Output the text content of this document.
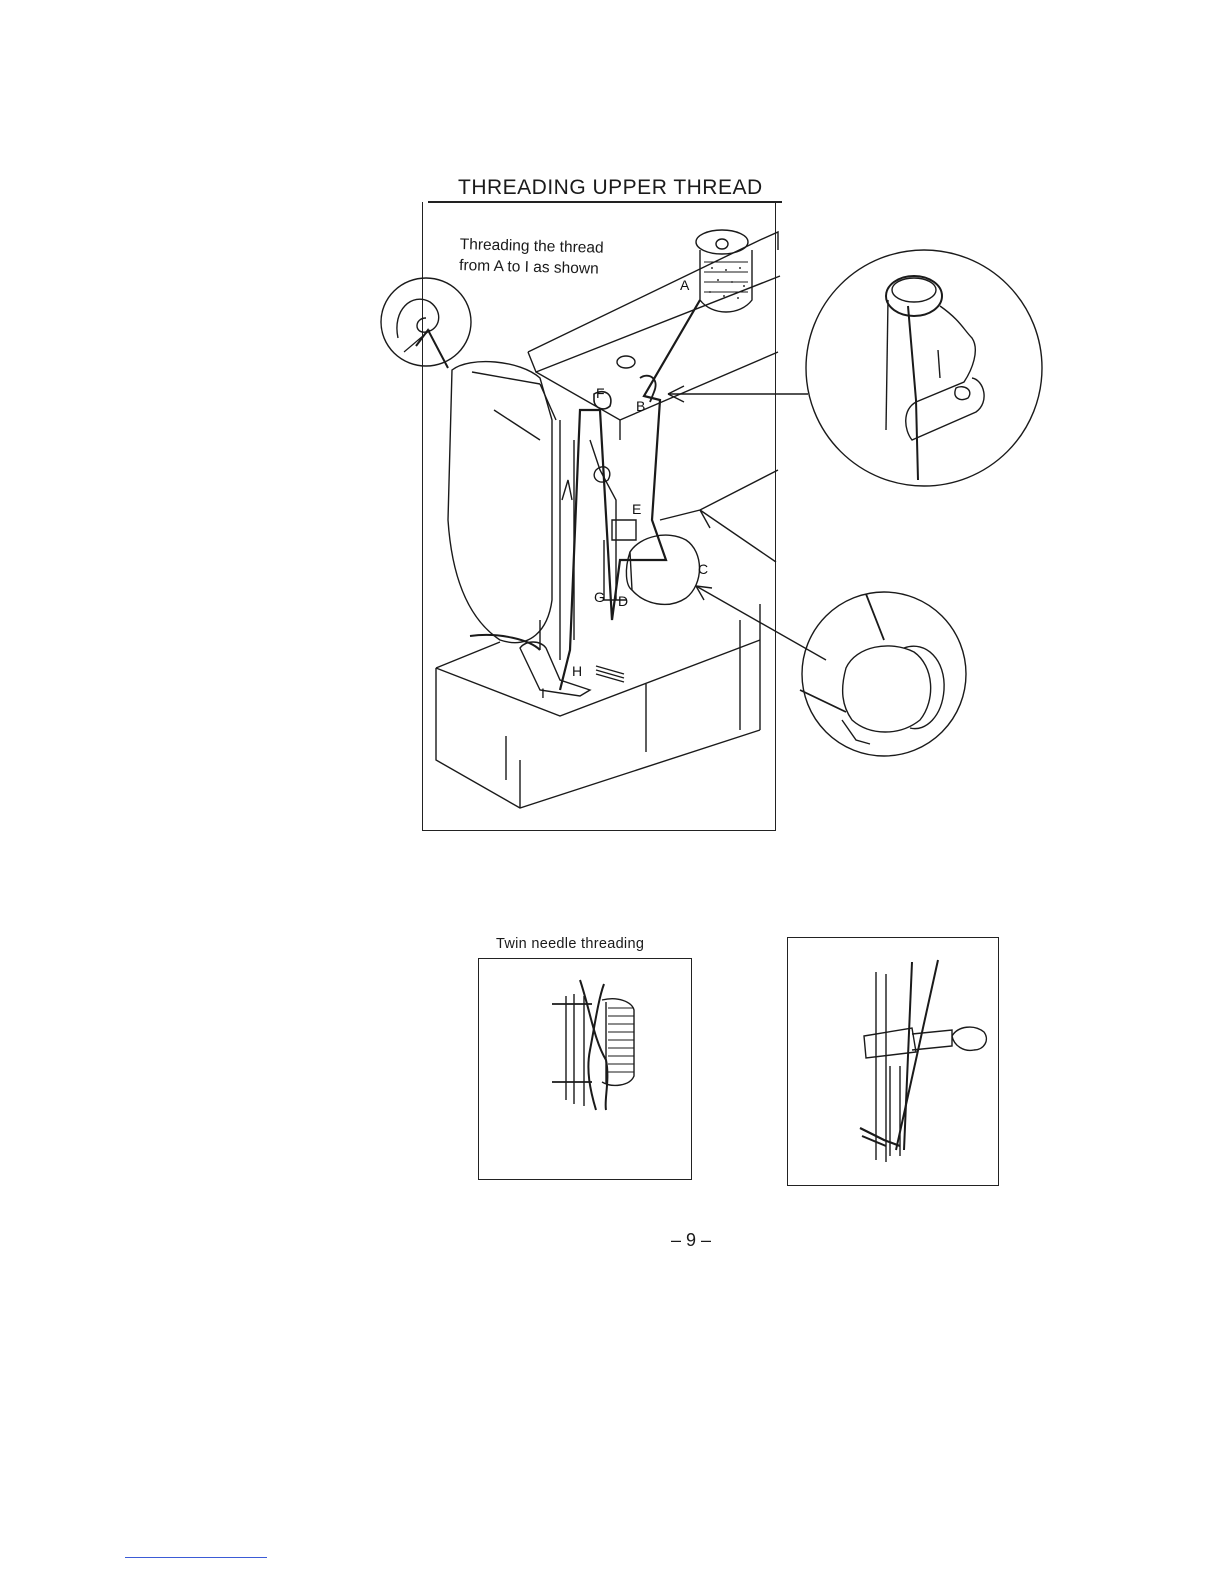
THREADING UPPER THREAD
Threading the thread
from A to I as shown
A
B
C
D
E
F
G
H
I
Twin needle threading
– 9 –
